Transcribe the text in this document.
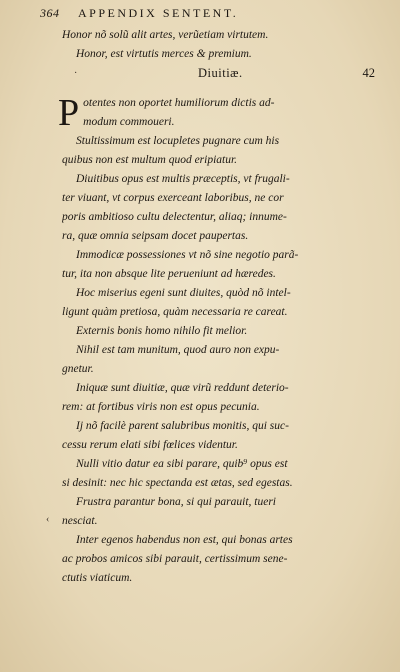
364 APPENDIX SENTENT.
Diuitiæ.	42
Honor nõ solũ alit artes, verũetiam virtutem.
Honor, est virtutis merces & premium.
P otentes non oportet humiliorum dictis ad-
modum commoueri.
Stultissimum est locupletes pugnare cum his
quibus non est multum quod eripiatur.
Diuitibus opus est multis præceptis, vt frugali-
ter viuant, vt corpus exerceant laboribus, ne cor
poris ambitioso cultu delectentur, aliaq; innume-
ra, quæ omnia seipsam docet paupertas.
Immodicæ possessiones vt nõ sine negotio parã-
tur, ita non absque lite perueniunt ad hæredes.
Hoc miserius egeni sunt diuites, quòd nõ intel-
ligunt quàm pretiosa, quàm necessaria re careat.
Externis bonis homo nihilo fit melior.
Nihil est tam munitum, quod auro non expu-
gnetur.
Iniquæ sunt diuitiæ, quæ virũ reddunt deterio-
rem: at fortibus viris non est opus pecunia.
Ij nõ facilè parent salubribus monitis, qui suc-
cessu rerum elati sibi fœlices videntur.
Nulli vitio datur ea sibi parare, quib⁹ opus est
si desinit: nec hic spectanda est ætas, sed egestas.
Frustra parantur bona, si qui parauit, tueri
nesciat.
Inter egenos habendus non est, qui bonas artes
ac probos amicos sibi parauit, certissimum sene-
ctutis viaticum.
·
‹
